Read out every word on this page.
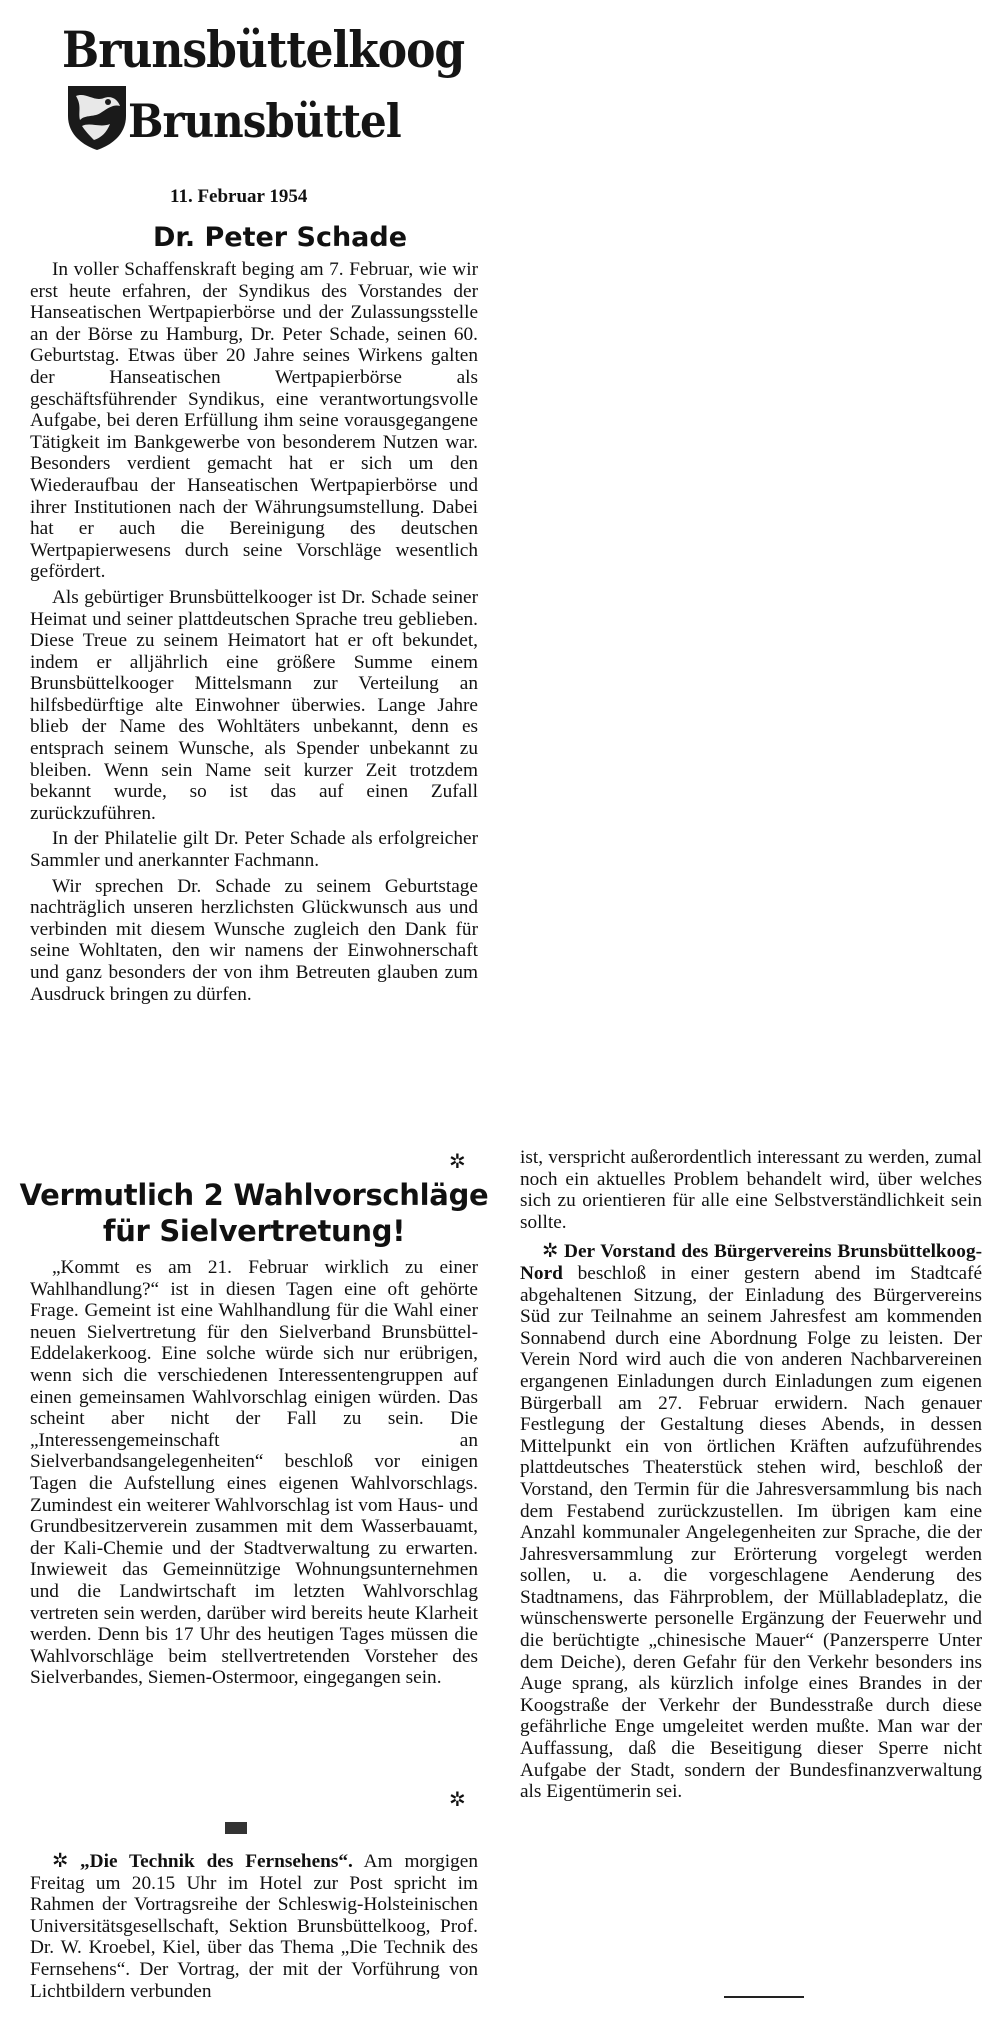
Brunsbüttelkoog
Brunsbüttel
11. Februar 1954
Dr. Peter Schade

In voller Schaffenskraft beging am 7. Februar, wie wir erst heute erfahren, der Syndikus des Vorstandes der Hanseatischen Wertpapierbörse und der Zulassungsstelle an der Börse zu Hamburg, Dr. Peter Schade, seinen 60. Geburtstag. Etwas über 20 Jahre seines Wirkens galten der Hanseatischen Wertpapierbörse als geschäftsführender Syndikus, eine verantwortungsvolle Aufgabe, bei deren Erfüllung ihm seine vorausgegangene Tätigkeit im Bankgewerbe von besonderem Nutzen war. Besonders verdient gemacht hat er sich um den Wiederaufbau der Hanseatischen Wertpapierbörse und ihrer Institutionen nach der Währungsumstellung. Dabei hat er auch die Bereinigung des deutschen Wertpapierwesens durch seine Vorschläge wesentlich gefördert.

Als gebürtiger Brunsbüttelkooger ist Dr. Schade seiner Heimat und seiner plattdeutschen Sprache treu geblieben. Diese Treue zu seinem Heimatort hat er oft bekundet, indem er alljährlich eine größere Summe einem Brunsbüttelkooger Mittelsmann zur Verteilung an hilfsbedürftige alte Einwohner überwies. Lange Jahre blieb der Name des Wohltäters unbekannt, denn es entsprach seinem Wunsche, als Spender unbekannt zu bleiben. Wenn sein Name seit kurzer Zeit trotzdem bekannt wurde, so ist das auf einen Zufall zurückzuführen.

In der Philatelie gilt Dr. Peter Schade als erfolgreicher Sammler und anerkannter Fachmann.

Wir sprechen Dr. Schade zu seinem Geburtstage nachträglich unseren herzlichsten Glückwunsch aus und verbinden mit diesem Wunsche zugleich den Dank für seine Wohltaten, den wir namens der Einwohnerschaft und ganz besonders der von ihm Betreuten glauben zum Ausdruck bringen zu dürfen.

✲
Vermutlich 2 Wahlvorschläge
für Sielvertretung!

„Kommt es am 21. Februar wirklich zu einer Wahlhandlung?“ ist in diesen Tagen eine oft gehörte Frage. Gemeint ist eine Wahlhandlung für die Wahl einer neuen Sielvertretung für den Sielverband Brunsbüttel-Eddelakerkoog. Eine solche würde sich nur erübrigen, wenn sich die verschiedenen Interessentengruppen auf einen gemeinsamen Wahlvorschlag einigen würden. Das scheint aber nicht der Fall zu sein. Die „Interessengemeinschaft an Sielverbandsangelegenheiten“ beschloß vor einigen Tagen die Aufstellung eines eigenen Wahlvorschlags. Zumindest ein weiterer Wahlvorschlag ist vom Haus- und Grundbesitzerverein zusammen mit dem Wasserbauamt, der Kali-Chemie und der Stadtverwaltung zu erwarten. Inwieweit das Gemeinnützige Wohnungsunternehmen und die Landwirtschaft im letzten Wahlvorschlag vertreten sein werden, darüber wird bereits heute Klarheit werden. Denn bis 17 Uhr des heutigen Tages müssen die Wahlvorschläge beim stellvertretenden Vorsteher des Sielverbandes, Siemen-Ostermoor, eingegangen sein.

✲

✲ „Die Technik des Fernsehens“. Am morgigen Freitag um 20.15 Uhr im Hotel zur Post spricht im Rahmen der Vortragsreihe der Schleswig-Holsteinischen Universitätsgesellschaft, Sektion Brunsbüttelkoog, Prof. Dr. W. Kroebel, Kiel, über das Thema „Die Technik des Fernsehens“. Der Vortrag, der mit der Vorführung von Lichtbildern verbunden

ist, verspricht außerordentlich interessant zu werden, zumal noch ein aktuelles Problem behandelt wird, über welches sich zu orientieren für alle eine Selbstverständlichkeit sein sollte.

✲ Der Vorstand des Bürgervereins Brunsbüttelkoog-Nord beschloß in einer gestern abend im Stadtcafé abgehaltenen Sitzung, der Einladung des Bürgervereins Süd zur Teilnahme an seinem Jahresfest am kommenden Sonnabend durch eine Abordnung Folge zu leisten. Der Verein Nord wird auch die von anderen Nachbarvereinen ergangenen Einladungen durch Einladungen zum eigenen Bürgerball am 27. Februar erwidern. Nach genauer Festlegung der Gestaltung dieses Abends, in dessen Mittelpunkt ein von örtlichen Kräften aufzuführendes plattdeutsches Theaterstück stehen wird, beschloß der Vorstand, den Termin für die Jahresversammlung bis nach dem Festabend zurückzustellen. Im übrigen kam eine Anzahl kommunaler Angelegenheiten zur Sprache, die der Jahresversammlung zur Erörterung vorgelegt werden sollen, u. a. die vorgeschlagene Aenderung des Stadtnamens, das Fährproblem, der Müllabladeplatz, die wünschenswerte personelle Ergänzung der Feuerwehr und die berüchtigte „chinesische Mauer“ (Panzersperre Unter dem Deiche), deren Gefahr für den Verkehr besonders ins Auge sprang, als kürzlich infolge eines Brandes in der Koogstraße der Verkehr der Bundesstraße durch diese gefährliche Enge umgeleitet werden mußte. Man war der Auffassung, daß die Beseitigung dieser Sperre nicht Aufgabe der Stadt, sondern der Bundesfinanzverwaltung als Eigentümerin sei.
